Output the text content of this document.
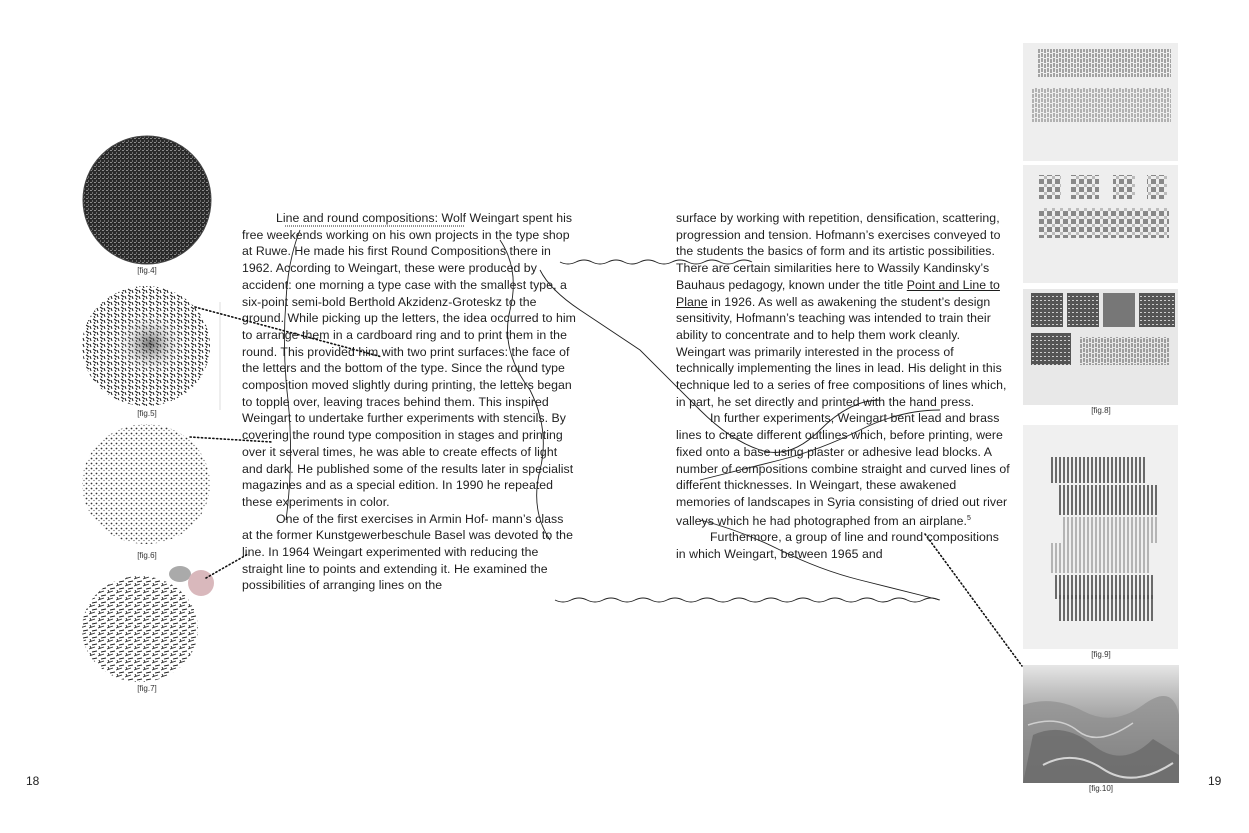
[fig.4]
[fig.5]
[fig.6]
[fig.7]

Line and round compositions: Wolf Weingart spent his free weekends working on his own projects in the type shop at Ruwe. He made his first Round Compositions there in 1962. According to Weingart, these were produced by accident: one morning a type case with the smallest type, a six-point semi-bold Berthold Akzidenz-Groteskz to the ground. While picking up the letters, the idea occurred to him to arrange them in a cardboard ring and to print them in the round. This provided him with two print surfaces: the face of the letters and the bottom of the type. Since the round type composition moved slightly during printing, the letters began to topple over, leaving traces behind them. This inspired Weingart to undertake further experiments with stencils. By covering the round type composition in stages and printing over it several times, he was able to create effects of light and dark. He published some of the results later in specialist magazines and as a special edition. In 1990 he repeated these experiments in color.

One of the first exercises in Armin Hof- mann’s class at the former Kunstgewerbeschule Basel was devoted to the line. In 1964 Weingart experimented with reducing the straight line to points and extending it. He examined the possibilities of arranging lines on the

surface by working with repetition, densification, scattering, progression and tension. Hofmann’s exercises conveyed to the students the basics of form and its artistic possibilities. There are certain similarities here to Wassily Kandinsky’s Bauhaus pedagogy, known under the title Point and Line to Plane in 1926. As well as awakening the student’s design sensitivity, Hofmann’s teaching was intended to train their ability to concentrate and to help them work cleanly. Weingart was primarily interested in the process of technically implementing the lines in lead. His delight in this technique led to a series of free compositions of lines which, in part, he set directly and printed with the hand press.

In further experiments, Weingart bent lead and brass lines to create different outlines which, before printing, were fixed onto a base using plaster or adhesive lead blocks. A number of compositions combine straight and curved lines of different thicknesses. In Weingart, these awakened memories of landscapes in Syria consisting of dried out river valleys which he had photographed from an airplane.$^5$

Furthermore, a group of line and round compositions in which Weingart, between 1965 and

[fig.8]
[fig.9]
[fig.10]
18	19
